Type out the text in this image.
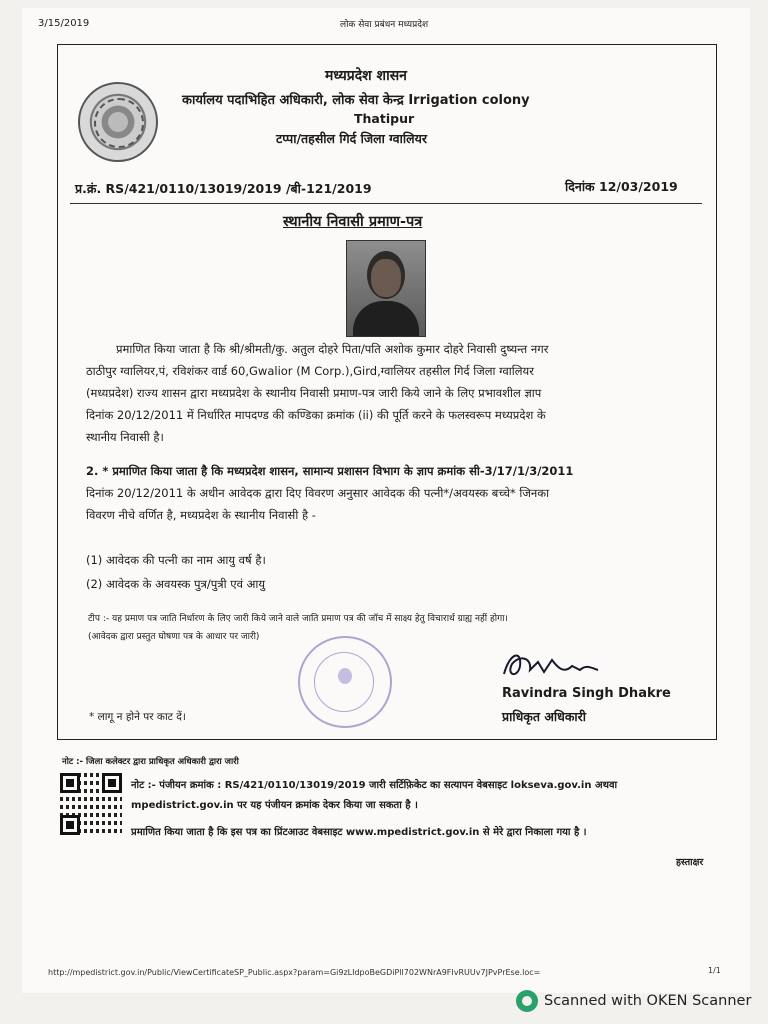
3/15/2019	लोक सेवा प्रबंधन मध्यप्रदेश
मध्यप्रदेश शासन
कार्यालय पदाभिहित अधिकारी, लोक सेवा केन्द्र Irrigation colony
Thatipur
टप्पा/तहसील गिर्द जिला ग्वालियर
प्र.क्रं. RS/421/0110/13019/2019 /बी-121/2019	दिनांक 12/03/2019
स्थानीय निवासी प्रमाण-पत्र
प्रमाणित किया जाता है कि श्री/श्रीमती/कु. अतुल दोहरे पिता/पति अशोक कुमार दोहरे निवासी दुष्यन्त नगर
ठाठीपुर ग्वालियर,पं, रविशंकर वार्ड 60,Gwalior (M Corp.),Gird,ग्वालियर तहसील गिर्द जिला ग्वालियर
(मध्यप्रदेश) राज्य शासन द्वारा मध्यप्रदेश के स्थानीय निवासी प्रमाण-पत्र जारी किये जाने के लिए प्रभावशील ज्ञाप
दिनांक 20/12/2011 में निर्धारित मापदण्ड की कण्डिका क्रमांक (ii) की पूर्ति करने के फलस्वरूप मध्यप्रदेश के
स्थानीय निवासी है।
2. * प्रमाणित किया जाता है कि मध्यप्रदेश शासन, सामान्य प्रशासन विभाग के ज्ञाप क्रमांक सी-3/17/1/3/2011
दिनांक 20/12/2011 के अधीन आवेदक द्वारा दिए विवरण अनुसार आवेदक की पत्नी*/अवयस्क बच्चे* जिनका
विवरण नीचे वर्णित है, मध्यप्रदेश के स्थानीय निवासी है -
(1) आवेदक की पत्नी का नाम आयु वर्ष है।
(2) आवेदक के अवयस्क पुत्र/पुत्री एवं आयु
टीप :- यह प्रमाण पत्र जाति निर्धारण के लिए जारी किये जाने वाले जाति प्रमाण पत्र की जॉच में साक्ष्य हेतु विचारार्थ ग्राह्य नहीं होगा।
(आवेदक द्वारा प्रस्तुत घोषणा पत्र के आधार पर जारी)
Ravindra Singh Dhakre
प्राधिकृत अधिकारी
* लागू न होने पर काट दें।
नोट :- जिला कलेक्टर द्वारा प्राधिकृत अधिकारी द्वारा जारी
नोट :- पंजीयन क्रमांक : RS/421/0110/13019/2019 जारी सर्टिफ़िकेट का सत्यापन वेबसाइट lokseva.gov.in अथवा
mpedistrict.gov.in पर यह पंजीयन क्रमांक देकर किया जा सकता है ।
प्रमाणित किया जाता है कि इस पत्र का प्रिंटआउट वेबसाइट www.mpedistrict.gov.in से मेरे द्वारा निकाला गया है ।
हस्ताक्षर
http://mpedistrict.gov.in/Public/ViewCertificateSP_Public.aspx?param=Gi9zLIdpoBeGDiPll702WNrA9FIvRUUv7JPvPrEse.loc=	1/1
Scanned with OKEN Scanner
